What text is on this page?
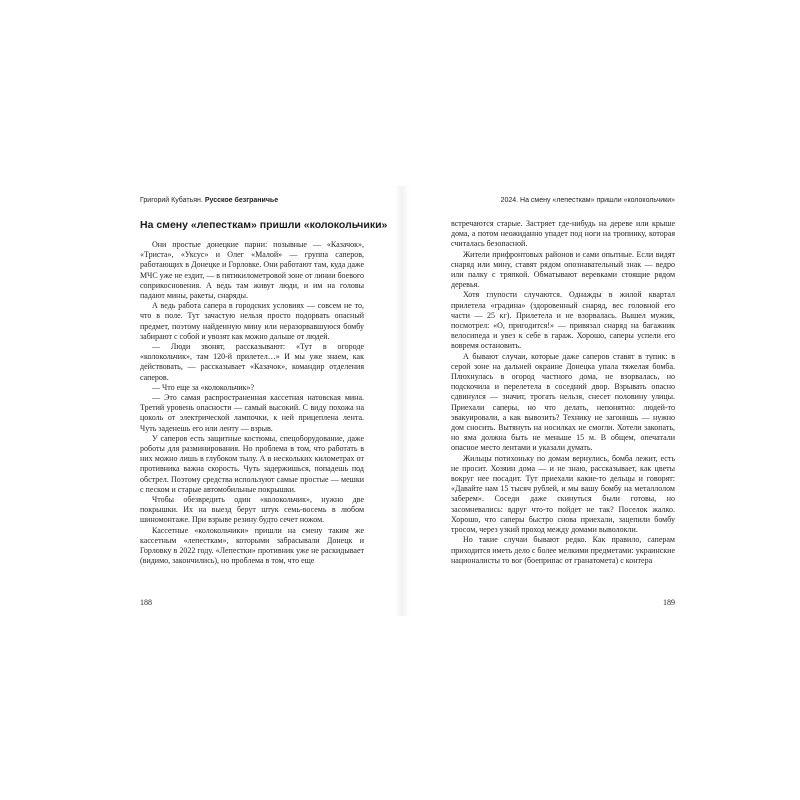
Григорий Кубатьян. Русское безграничье
На смену «лепесткам» пришли «колокольчики»

Они простые донецкие парни: позывные — «Казачок», «Триста», «Уксус» и Олег «Малой» — группа саперов, работающих в Донецке и Горловке. Они работают там, куда даже МЧС уже не ездит, — в пятикилометровой зоне от линии боевого соприкосновения. А ведь там живут люди, и им на головы падают мины, ракеты, снаряды.

А ведь работа сапера в городских условиях — совсем не то, что в поле. Тут зачастую нельзя просто подорвать опасный предмет, поэтому найденную мину или неразорвавшуюся бомбу забирают с собой и увозят как можно дальше от людей.

— Люди звонят, рассказывают: «Тут в огороде «колокольчик», там 120-й прилетел…» И мы уже знаем, как действовать, — рассказывает «Казачок», командир отделения саперов.

— Что еще за «колокольчик»?

— Это самая распространенная кассетная натовская мина. Третий уровень опасности — самый высокий. С виду похожа на цоколь от электрической лампочки, к ней прицеплена лента. Чуть заденешь его или ленту — взрыв.

У саперов есть защитные костюмы, спецоборудование, даже роботы для разминирования. Но проблема в том, что работать в них можно лишь в глубоком тылу. А в нескольких километрах от противника важна скорость. Чуть задержишься, попадешь под обстрел. Поэтому средства используют самые простые — мешки с песком и старые автомобильные покрышки.

Чтобы обезвредить один «колокольчик», нужно две покрышки. Их на выезд берут штук семь-восемь в любом шиномонтаже. При взрыве резину будто сечет ножом.

Кассетные «колокольчики» пришли на смену таким же кассетным «лепесткам», которыми забрасывали Донецк и Горловку в 2022 году. «Лепестки» противник уже не раскидывает (видимо, закончились), но проблема в том, что еще

188
2024. На смену «лепесткам» пришли «колокольчики»

встречаются старые. Застряет где-нибудь на дереве или крыше дома, а потом неожиданно упадет под ноги на тропинку, которая считалась безопасной.

Жители прифронтовых районов и сами опытные. Если видят снаряд или мину, ставят рядом опознавательный знак — ведро или палку с тряпкой. Обматывают веревками стоящие рядом деревья.

Хотя глупости случаются. Однажды в жилой квартал прилетела «градина» (здоровенный снаряд, вес головной его части — 25 кг). Прилетела и не взорвалась. Вышел мужик, посмотрел: «О, пригодится!» — привязал снаряд на багажник велосипеда и увез к себе в гараж. Хорошо, саперы успели его вовремя остановить.

А бывают случаи, которые даже саперов ставят в тупик: в серой зоне на дальней окраине Донецка упала тяжелая бомба. Плюхнулась в огород частного дома, не взорвалась, но подскочила и перелетела в соседний двор. Взрывать опасно сдвинулся — значит, трогать нельзя, снесет половину улицы. Приехали саперы, но что делать, непонятно: людей-то эвакуировали, а как вывозить? Технику не загонишь — нужно дом сносить. Вытянуть на носилках не смогли. Хотели закопать, но яма должна быть не меньше 15 м. В общем, опечатали опасное место лентами и указали думать.

Жильцы потихоньку по домам вернулись, бомба лежит, есть не просит. Хозяин дома — и не знаю, рассказывает, как цветы вокруг нее посадит. Тут приехали какие-то дельцы и говорят: «Давайте нам 15 тысяч рублей, и мы вашу бомбу на металлолом заберем». Соседи даже скинуться были готовы, но засомневались: вдруг что-то пойдет не так? Поселок жалко. Хорошо, что саперы быстро снова приехали, зацепили бомбу тросом, через узкий проход между домами выволокли.

Но такие случаи бывают редко. Как правило, саперам приходится иметь дело с более мелкими предметами: украинские националисты то вог (боеприпас от гранатомета) с контера

189
